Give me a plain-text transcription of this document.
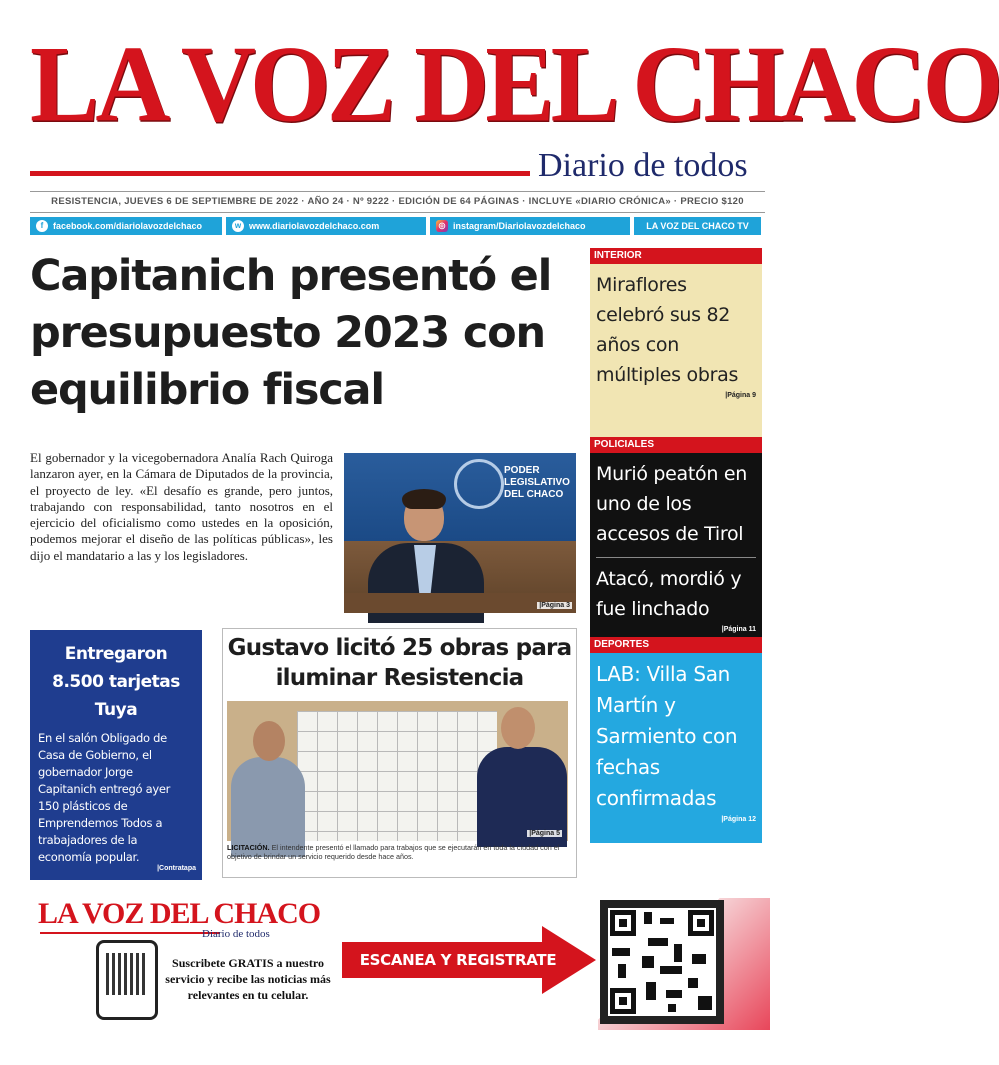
LA VOZ DEL CHACO
Diario de todos
RESISTENCIA, JUEVES 6 DE SEPTIEMBRE DE 2022 · AÑO 24 · Nº 9222 · EDICIÓN DE 64 PÁGINAS · INCLUYE «DIARIO CRÓNICA» · PRECIO $120
f	facebook.com/diariolavozdelchaco	w www.diariolavozdelchaco.com	◎ instagram/Diariolavozdelchaco	LA VOZ DEL CHACO TV
Capitanich presentó el presupuesto 2023 con equilibrio fiscal

El gobernador y la vicegobernadora Analía Rach Quiroga lanzaron ayer, en la Cámara de Diputados de la provincia, el proyecto de ley. «El desafío es grande, pero juntos, trabajando con responsabilidad, tanto nosotros en el ejercicio del oficialismo como ustedes en la oposición, podemos mejorar el diseño de las políticas públicas», les dijo el mandatario a las y los legisladores.

PODER LEGISLATIVO DEL CHACO
|Página 3
INTERIOR
Miraflores celebró sus 82 años con múltiples obras
|Página 9
POLICIALES
Murió peatón en uno de los accesos de Tirol
Atacó, mordió y fue linchado
|Página 11
DEPORTES
LAB: Villa San Martín y Sarmiento con fechas confirmadas
|Página 12
Entregaron 8.500 tarjetas Tuya
En el salón Obligado de Casa de Gobierno, el gobernador Jorge Capitanich entregó ayer 150 plásticos de Emprendemos Todos a trabajadores de la economía popular.
|Contratapa
Gustavo licitó 25 obras para iluminar Resistencia
|Página 5
LICITACIÓN. El intendente presentó el llamado para trabajos que se ejecutarán en toda la ciudad con el objetivo de brindar un servicio requerido desde hace años.
LA VOZ DEL CHACO
Diario de todos
Suscribete GRATIS a nuestro servicio y recibe las noticias más relevantes en tu celular.
ESCANEA Y REGISTRATE
